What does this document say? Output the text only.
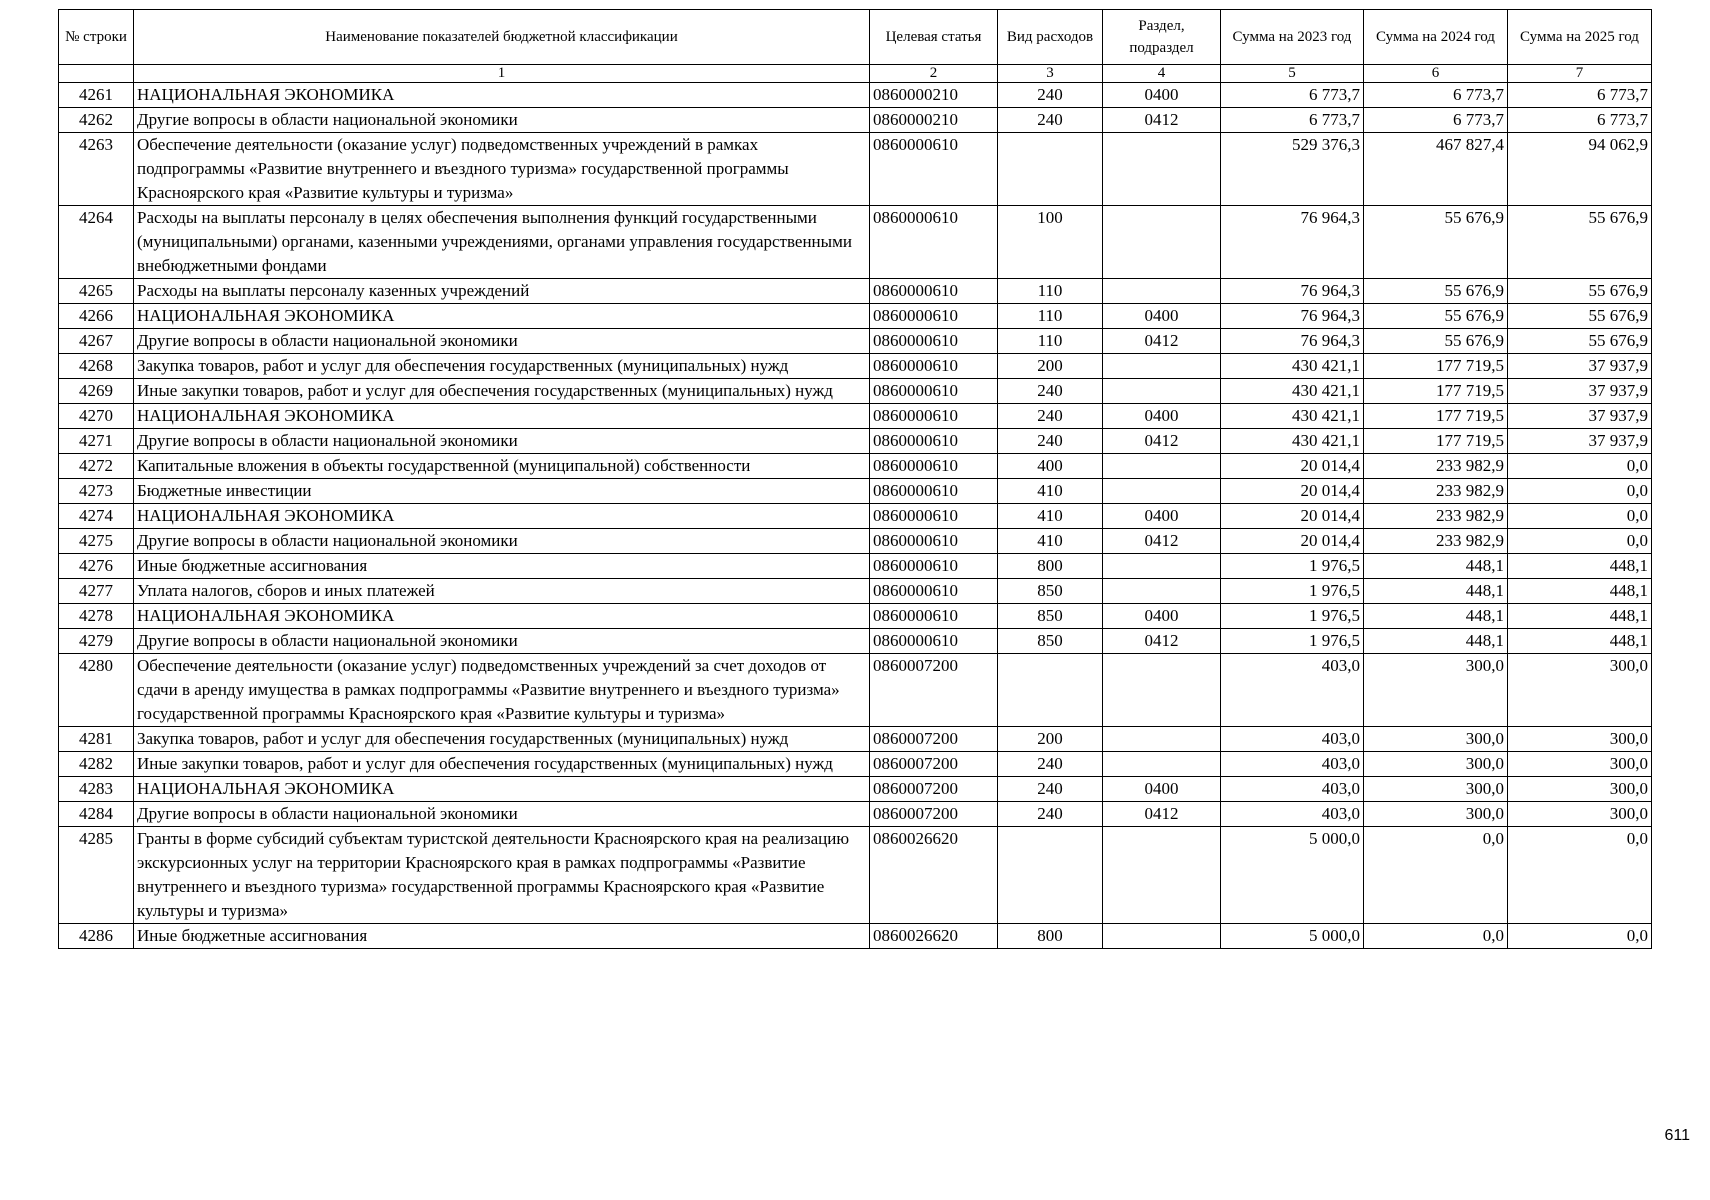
№ строки	Наименование показателей бюджетной классификации	Целевая статья	Вид расходов	Раздел, подраздел	Сумма на 2023 год	Сумма на 2024 год	Сумма на 2025 год
	1	2	3	4	5	6	7
4261	НАЦИОНАЛЬНАЯ ЭКОНОМИКА	0860000210	240	0400	6 773,7	6 773,7	6 773,7
4262	Другие вопросы в области национальной экономики	0860000210	240	0412	6 773,7	6 773,7	6 773,7
4263	Обеспечение деятельности (оказание услуг) подведомственных учреждений в рамках подпрограммы «Развитие внутреннего и въездного туризма» государственной программы Красноярского края «Развитие культуры и туризма»	0860000610			529 376,3	467 827,4	94 062,9
4264	Расходы на выплаты персоналу в целях обеспечения выполнения функций государственными (муниципальными) органами, казенными учреждениями, органами управления государственными внебюджетными фондами	0860000610	100		76 964,3	55 676,9	55 676,9
4265	Расходы на выплаты персоналу казенных учреждений	0860000610	110		76 964,3	55 676,9	55 676,9
4266	НАЦИОНАЛЬНАЯ ЭКОНОМИКА	0860000610	110	0400	76 964,3	55 676,9	55 676,9
4267	Другие вопросы в области национальной экономики	0860000610	110	0412	76 964,3	55 676,9	55 676,9
4268	Закупка товаров, работ и услуг для обеспечения государственных (муниципальных) нужд	0860000610	200		430 421,1	177 719,5	37 937,9
4269	Иные закупки товаров, работ и услуг для обеспечения государственных (муниципальных) нужд	0860000610	240		430 421,1	177 719,5	37 937,9
4270	НАЦИОНАЛЬНАЯ ЭКОНОМИКА	0860000610	240	0400	430 421,1	177 719,5	37 937,9
4271	Другие вопросы в области национальной экономики	0860000610	240	0412	430 421,1	177 719,5	37 937,9
4272	Капитальные вложения в объекты государственной (муниципальной) собственности	0860000610	400		20 014,4	233 982,9	0,0
4273	Бюджетные инвестиции	0860000610	410		20 014,4	233 982,9	0,0
4274	НАЦИОНАЛЬНАЯ ЭКОНОМИКА	0860000610	410	0400	20 014,4	233 982,9	0,0
4275	Другие вопросы в области национальной экономики	0860000610	410	0412	20 014,4	233 982,9	0,0
4276	Иные бюджетные ассигнования	0860000610	800		1 976,5	448,1	448,1
4277	Уплата налогов, сборов и иных платежей	0860000610	850		1 976,5	448,1	448,1
4278	НАЦИОНАЛЬНАЯ ЭКОНОМИКА	0860000610	850	0400	1 976,5	448,1	448,1
4279	Другие вопросы в области национальной экономики	0860000610	850	0412	1 976,5	448,1	448,1
4280	Обеспечение деятельности (оказание услуг) подведомственных учреждений за счет доходов от сдачи в аренду имущества в рамках подпрограммы «Развитие внутреннего и въездного туризма» государственной программы Красноярского края «Развитие культуры и туризма»	0860007200			403,0	300,0	300,0
4281	Закупка товаров, работ и услуг для обеспечения государственных (муниципальных) нужд	0860007200	200		403,0	300,0	300,0
4282	Иные закупки товаров, работ и услуг для обеспечения государственных (муниципальных) нужд	0860007200	240		403,0	300,0	300,0
4283	НАЦИОНАЛЬНАЯ ЭКОНОМИКА	0860007200	240	0400	403,0	300,0	300,0
4284	Другие вопросы в области национальной экономики	0860007200	240	0412	403,0	300,0	300,0
4285	Гранты в форме субсидий субъектам туристской деятельности Красноярского края на реализацию экскурсионных услуг на территории Красноярского края в рамках подпрограммы «Развитие внутреннего и въездного туризма» государственной программы Красноярского края «Развитие культуры и туризма»	0860026620			5 000,0	0,0	0,0
4286	Иные бюджетные ассигнования	0860026620	800		5 000,0	0,0	0,0
611
